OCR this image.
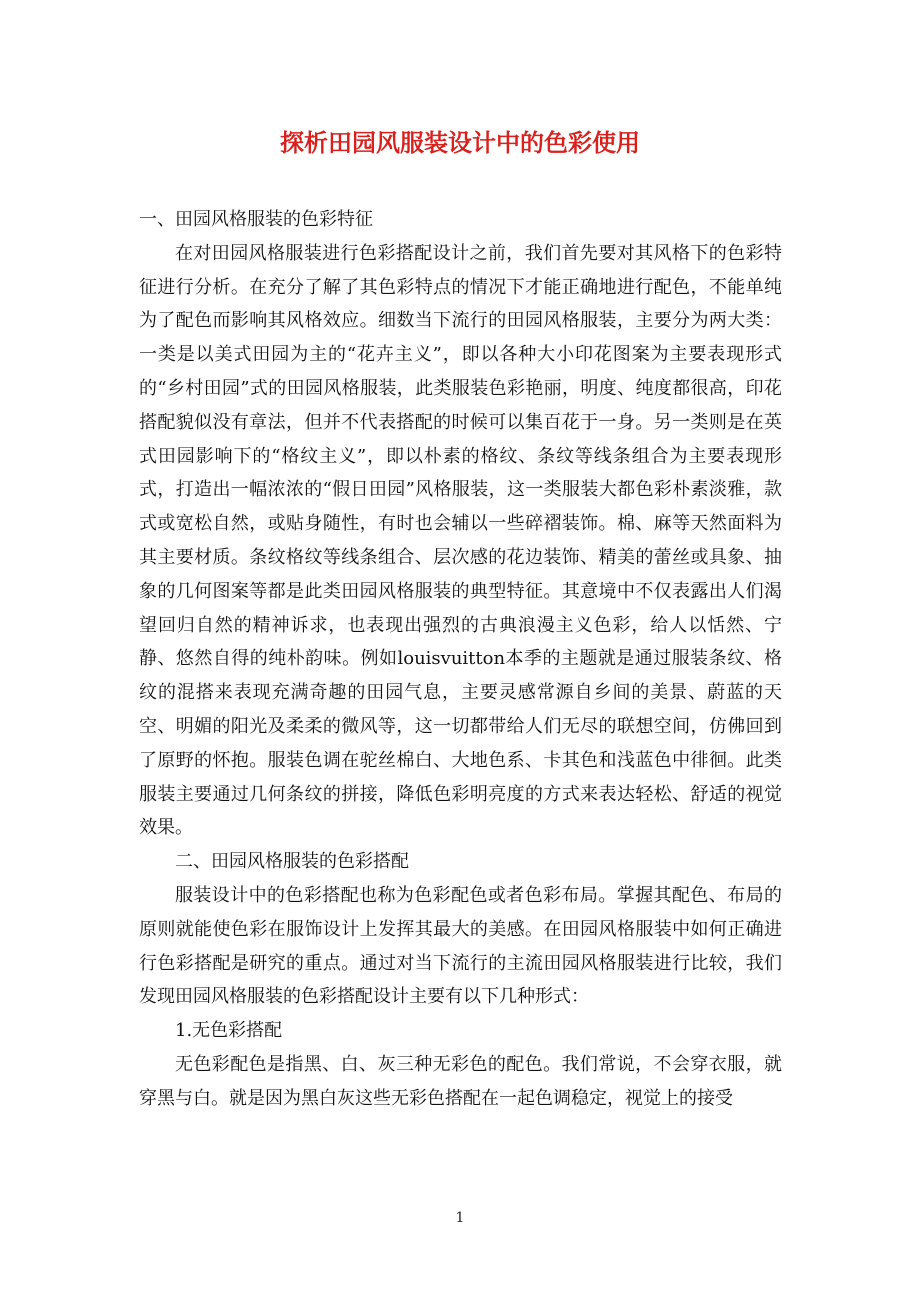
探析田园风服装设计中的色彩使用

一、田园风格服装的色彩特征

在对田园风格服装进行色彩搭配设计之前，我们首先要对其风格下的色彩特征进行分析。在充分了解了其色彩特点的情况下才能正确地进行配色，不能单纯为了配色而影响其风格效应。细数当下流行的田园风格服装，主要分为两大类：一类是以美式田园为主的“花卉主义”，即以各种大小印花图案为主要表现形式的“乡村田园”式的田园风格服装，此类服装色彩艳丽，明度、纯度都很高，印花搭配貌似没有章法，但并不代表搭配的时候可以集百花于一身。另一类则是在英式田园影响下的“格纹主义”，即以朴素的格纹、条纹等线条组合为主要表现形式，打造出一幅浓浓的“假日田园”风格服装，这一类服装大都色彩朴素淡雅，款式或宽松自然，或贴身随性，有时也会辅以一些碎褶装饰。棉、麻等天然面料为其主要材质。条纹格纹等线条组合、层次感的花边装饰、精美的蕾丝或具象、抽象的几何图案等都是此类田园风格服装的典型特征。其意境中不仅表露出人们渴望回归自然的精神诉求，也表现出强烈的古典浪漫主义色彩，给人以恬然、宁静、悠然自得的纯朴韵味。例如louisvuitton本季的主题就是通过服装条纹、格纹的混搭来表现充满奇趣的田园气息，主要灵感常源自乡间的美景、蔚蓝的天空、明媚的阳光及柔柔的微风等，这一切都带给人们无尽的联想空间，仿佛回到了原野的怀抱。服装色调在驼丝棉白、大地色系、卡其色和浅蓝色中徘徊。此类服装主要通过几何条纹的拼接，降低色彩明亮度的方式来表达轻松、舒适的视觉效果。

二、田园风格服装的色彩搭配

服装设计中的色彩搭配也称为色彩配色或者色彩布局。掌握其配色、布局的原则就能使色彩在服饰设计上发挥其最大的美感。在田园风格服装中如何正确进行色彩搭配是研究的重点。通过对当下流行的主流田园风格服装进行比较，我们发现田园风格服装的色彩搭配设计主要有以下几种形式：

1.无色彩搭配

无色彩配色是指黑、白、灰三种无彩色的配色。我们常说，不会穿衣服，就穿黑与白。就是因为黑白灰这些无彩色搭配在一起色调稳定，视觉上的接受

1
